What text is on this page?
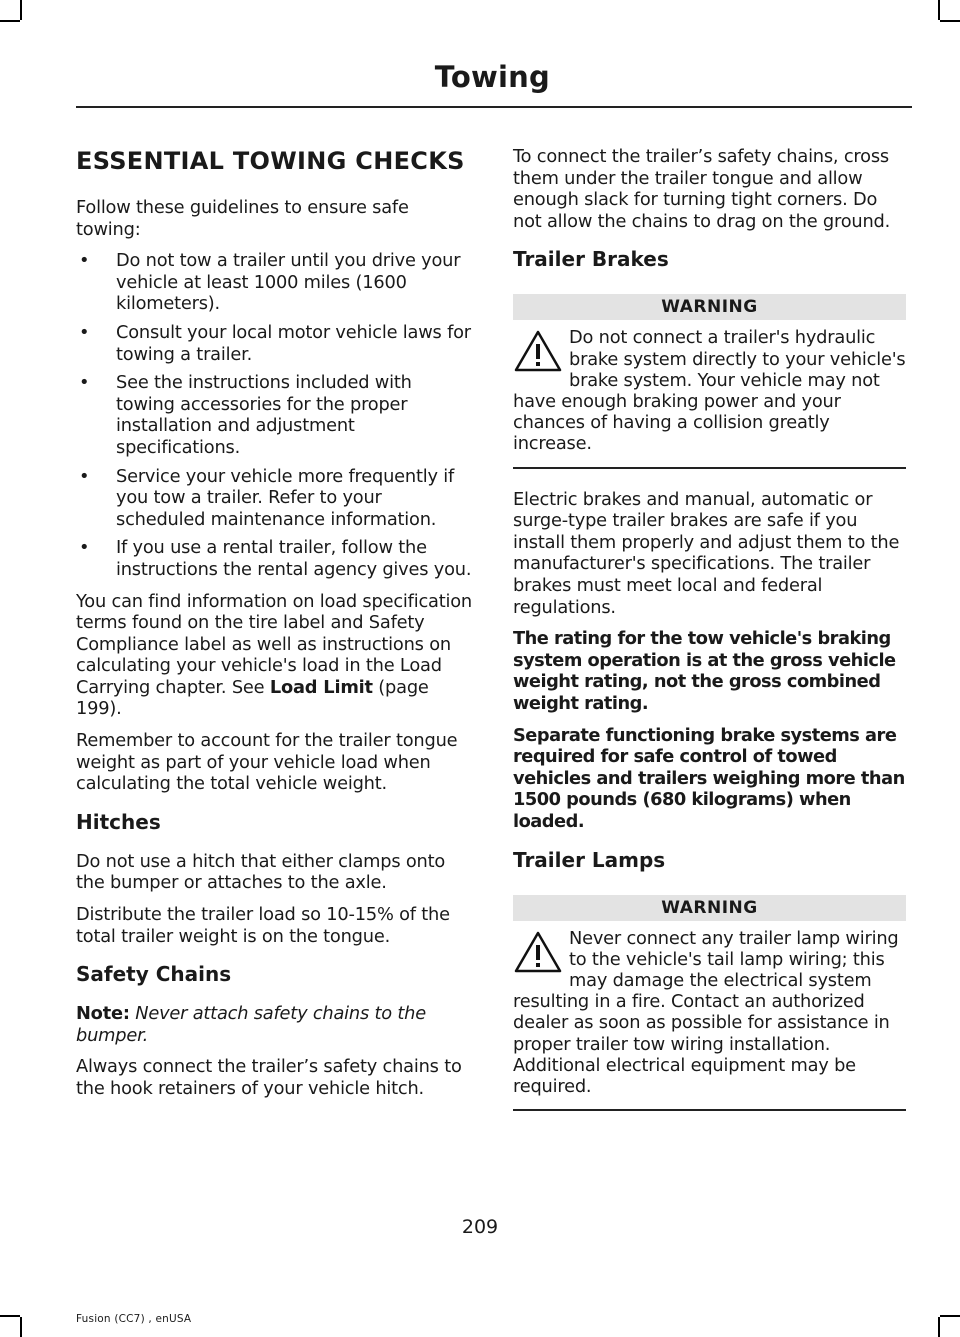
Towing
ESSENTIAL TOWING CHECKS

Follow these guidelines to ensure safe towing:

• Do not tow a trailer until you drive your vehicle at least 1000 miles (1600 kilometers).
• Consult your local motor vehicle laws for towing a trailer.
• See the instructions included with towing accessories for the proper installation and adjustment specifications.
• Service your vehicle more frequently if you tow a trailer. Refer to your scheduled maintenance information.
• If you use a rental trailer, follow the instructions the rental agency gives you.

You can find information on load specification terms found on the tire label and Safety Compliance label as well as instructions on calculating your vehicle's load in the Load Carrying chapter. See Load Limit (page 199).

Remember to account for the trailer tongue weight as part of your vehicle load when calculating the total vehicle weight.

Hitches

Do not use a hitch that either clamps onto the bumper or attaches to the axle.

Distribute the trailer load so 10-15% of the total trailer weight is on the tongue.

Safety Chains

Note: Never attach safety chains to the bumper.

Always connect the trailer’s safety chains to the hook retainers of your vehicle hitch.

To connect the trailer’s safety chains, cross them under the trailer tongue and allow enough slack for turning tight corners. Do not allow the chains to drag on the ground.

Trailer Brakes
WARNING
Do not connect a trailer's hydraulic brake system directly to your vehicle's brake system. Your vehicle may not have enough braking power and your chances of having a collision greatly increase.

Electric brakes and manual, automatic or surge-type trailer brakes are safe if you install them properly and adjust them to the manufacturer's specifications. The trailer brakes must meet local and federal regulations.

The rating for the tow vehicle's braking system operation is at the gross vehicle weight rating, not the gross combined weight rating.

Separate functioning brake systems are required for safe control of towed vehicles and trailers weighing more than 1500 pounds (680 kilograms) when loaded.

Trailer Lamps
WARNING
Never connect any trailer lamp wiring to the vehicle's tail lamp wiring; this may damage the electrical system resulting in a fire. Contact an authorized dealer as soon as possible for assistance in proper trailer tow wiring installation. Additional electrical equipment may be required.
209
Fusion (CC7) , enUSA
